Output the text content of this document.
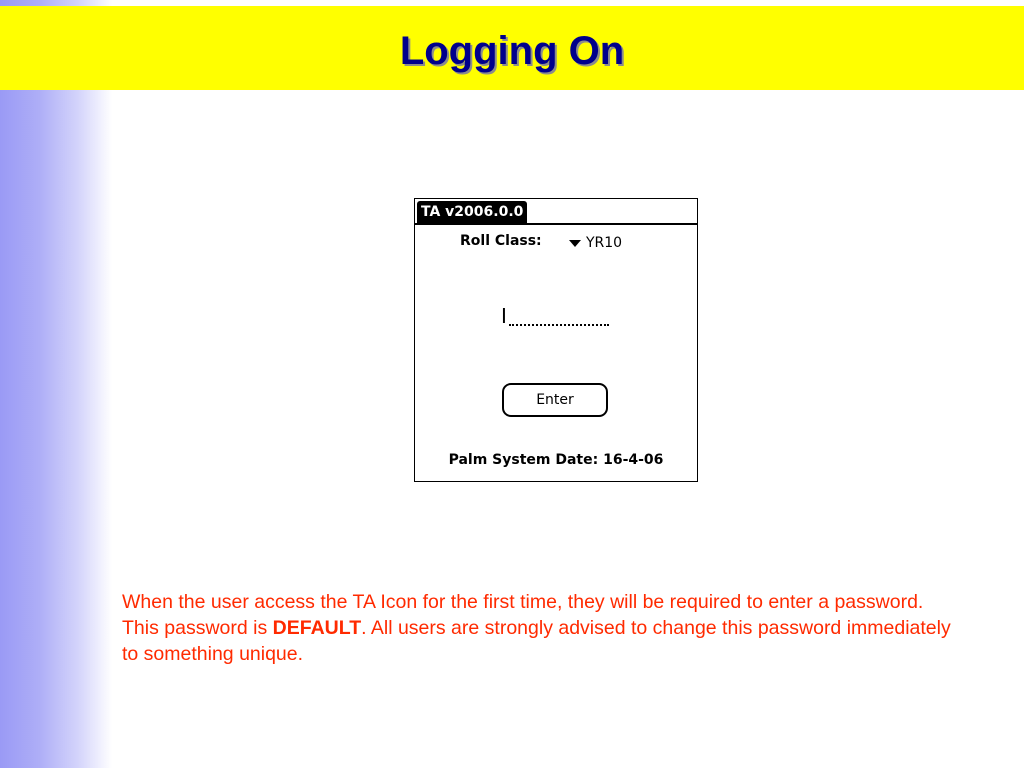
Logging On
TA v2006.0.0
Roll Class:	YR10
I
Enter
Palm System Date: 16-4-06

When the user access the TA Icon for the first time, they will be required to enter a password. This password is DEFAULT. All users are strongly advised to change this password immediately to something unique.
